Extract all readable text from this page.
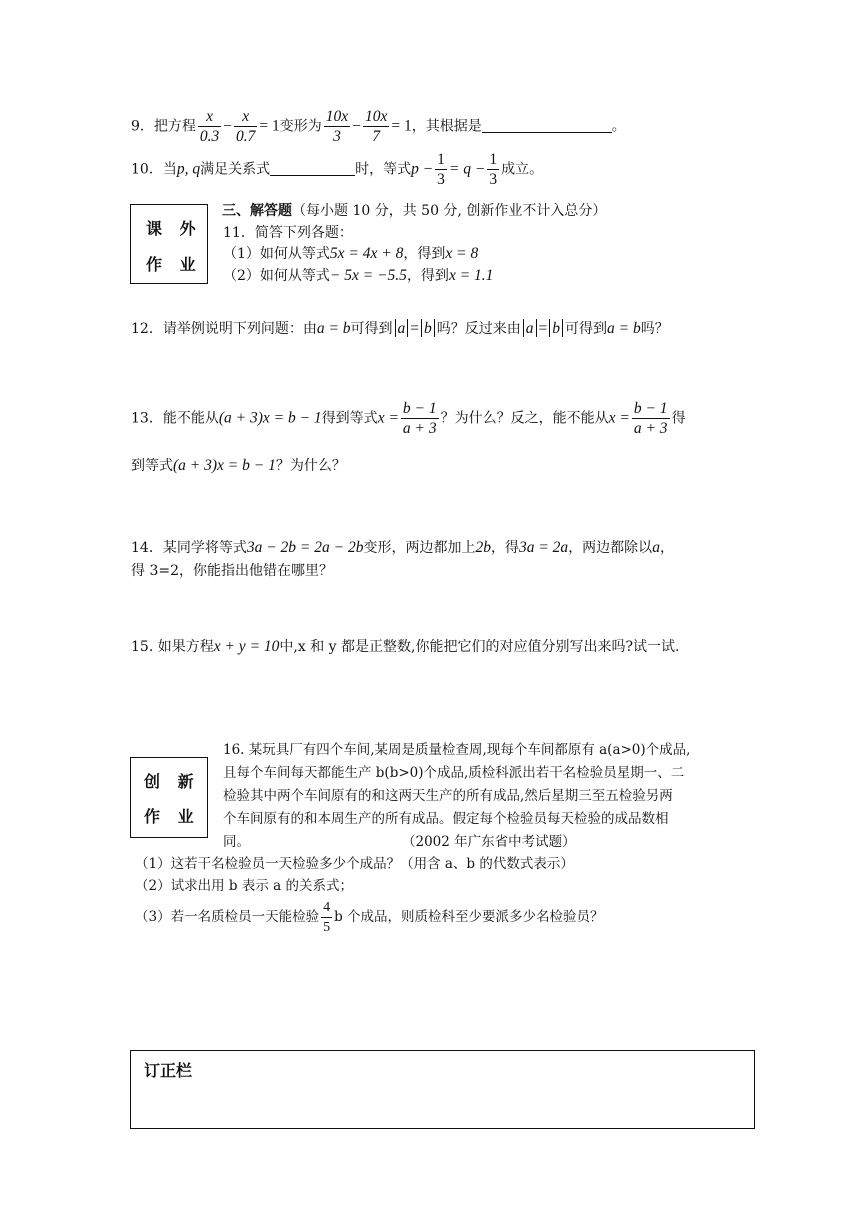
9．把方程 $\frac{x}{0.3} - \frac{x}{0.7} = 1$变形为 $\frac{10x}{3} - \frac{10x}{7} = 1$，其根据是	。
10．当p, q满足关系式	时，等式$p - \frac{1}{3} = q - \frac{1}{3}$ 成立。
课 外
作 业
三、解答题（每小题 10 分，共 50 分, 创新作业不计入总分）
11．简答下列各题：
（1）如何从等式5x = 4x + 8，得到x = 8
（2）如何从等式− 5x = −5.5，得到x = 1.1
12．请举例说明下列问题：由a = b可得到 a = b 吗？反过来由 a = b 可得到a = b吗？
13．能不能从(a + 3)x = b − 1得到等式$x = \frac{b - 1}{a + 3}$ ？为什么？反之，能不能从$x = \frac{b - 1}{a + 3}$ 得
到等式(a + 3)x = b − 1？为什么？
14．某同学将等式3a − 2b = 2a − 2b变形，两边都加上2b，得3a = 2a，两边都除以a，
得 3=2，你能指出他错在哪里？
15. 如果方程x + y = 10中,x 和 y 都是正整数,你能把它们的对应值分别写出来吗?试一试.
创 新
作 业
16. 某玩具厂有四个车间,某周是质量检查周,现每个车间都原有 a(a>0)个成品,
且每个车间每天都能生产 b(b>0)个成品,质检科派出若干名检验员星期一、二
检验其中两个车间原有的和这两天生产的所有成品,然后星期三至五检验另两
个车间原有的和本周生产的所有成品。假定每个检验员每天检验的成品数相
同。	（2002 年广东省中考试题）
（1）这若干名检验员一天检验多少个成品？（用含 a、b 的代数式表示）
（2）试求出用 b 表示 a 的关系式；
（3）若一名质检员一天能检验 $\frac{4}{5}$ b 个成品，则质检科至少要派多少名检验员？
订正栏
